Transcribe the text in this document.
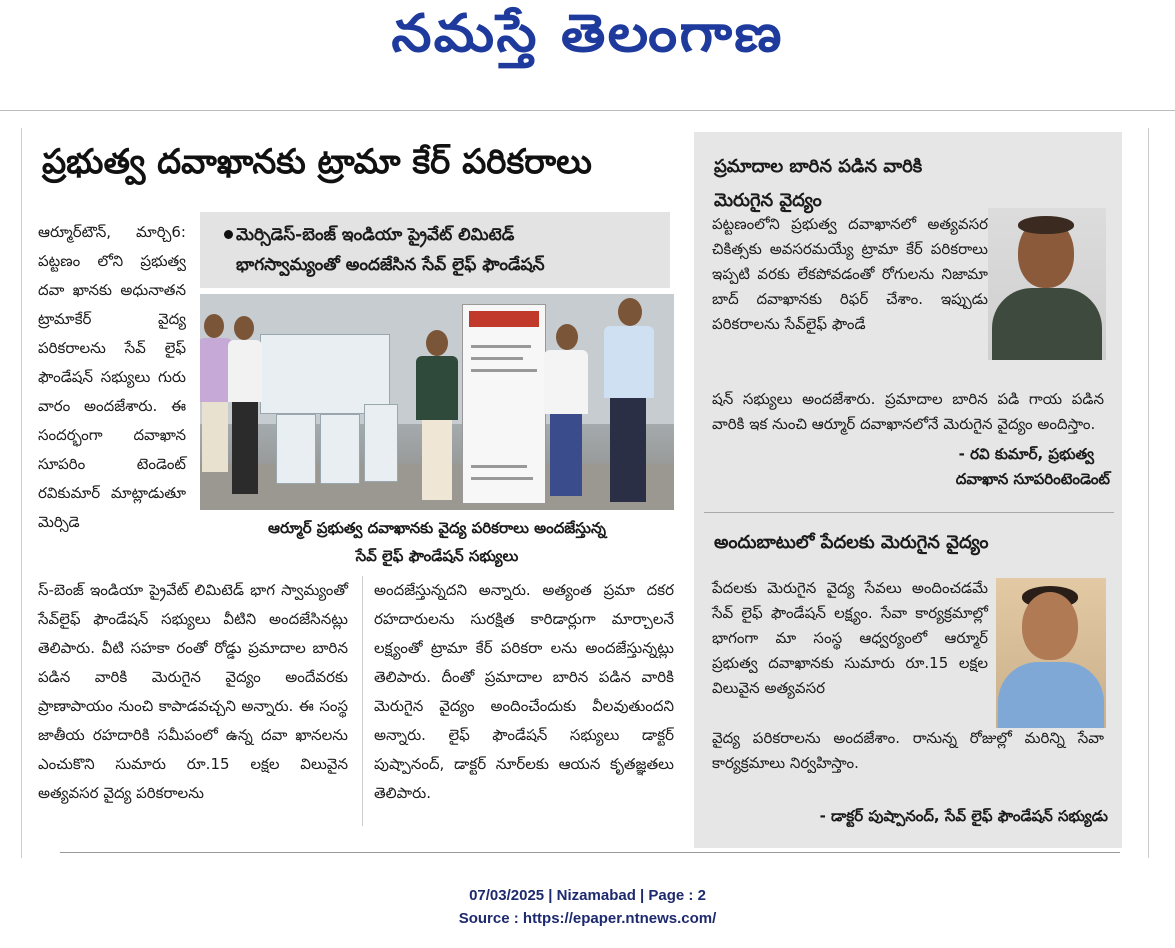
నమస్తే తెలంగాణ
ప్రభుత్వ దవాఖానకు ట్రామా కేర్ పరికరాలు
మెర్సిడెస్-బెంజ్ ఇండియా ప్రైవేట్ లిమిటెడ్
భాగస్వామ్యంతో అందజేసిన సేవ్ లైఫ్ ఫౌండేషన్

ఆర్మూర్‌టౌన్, మార్చి6: పట్టణం లోని ప్రభుత్వ దవా ఖానకు అధునాతన ట్రామాకేర్ వైద్య పరికరాలను సేవ్ లైఫ్ ఫౌండేషన్ సభ్యులు గురు వారం అందజేశారు. ఈ సందర్భంగా దవాఖాన సూపరిం టెండెంట్ రవికుమార్ మాట్లాడుతూ మెర్సిడె	ఆర్మూర్ ప్రభుత్వ దవాఖానకు వైద్య పరికరాలు అందజేస్తున్న
సేవ్ లైఫ్ ఫౌండేషన్ సభ్యులు
స్-బెంజ్ ఇండియా ప్రైవేట్ లిమిటెడ్ భాగ స్వామ్యంతో సేవ్‌లైఫ్ ఫౌండేషన్ సభ్యులు వీటిని అందజేసినట్లు తెలిపారు. వీటి సహకా రంతో రోడ్డు ప్రమాదాల బారిన పడిన వారికి మెరుగైన వైద్యం అందేవరకు ప్రాణాపాయం నుంచి కాపాడవచ్చని అన్నారు. ఈ సంస్థ జాతీయ రహదారికి సమీపంలో ఉన్న దవా ఖానలను ఎంచుకొని సుమారు రూ.15 లక్షల విలువైన అత్యవసర వైద్య పరికరాలను
అందజేస్తున్నదని అన్నారు. అత్యంత ప్రమా దకర రహదారులను సురక్షిత కారిడార్లుగా మార్చాలనే లక్ష్యంతో ట్రామా కేర్ పరికరా లను అందజేస్తున్నట్లు తెలిపారు. దీంతో ప్రమాదాల బారిన పడిన వారికి మెరుగైన వైద్యం అందించేందుకు వీలవుతుందని అన్నారు. లైఫ్ ఫౌండేషన్ సభ్యులు డాక్టర్ పుష్పానంద్, డాక్టర్ నూర్‌లకు ఆయన కృతజ్ఞతలు తెలిపారు.
ప్రమాదాల బారిన పడిన వారికి
మెరుగైన వైద్యం
పట్టణంలోని ప్రభుత్వ దవాఖానలో అత్యవసర చికిత్సకు అవసరమయ్యే ట్రామా కేర్ పరికరాలు ఇప్పటి వరకు లేకపోవడంతో రోగులను నిజామా బాద్ దవాఖానకు రిఫర్ చేశాం. ఇప్పుడు పరికరాలను సేవ్‌లైఫ్ ఫౌండే
షన్ సభ్యులు అందజేశారు. ప్రమాదాల బారిన పడి గాయ పడిన వారికి ఇక నుంచి ఆర్మూర్ దవాఖానలోనే మెరుగైన వైద్యం అందిస్తాం.
- రవి కుమార్, ప్రభుత్వ
దవాఖాన సూపరింటెండెంట్
అందుబాటులో పేదలకు మెరుగైన వైద్యం
పేదలకు మెరుగైన వైద్య సేవలు అందించడమే సేవ్ లైఫ్ ఫౌండేషన్ లక్ష్యం. సేవా కార్యక్రమాల్లో భాగంగా మా సంస్థ ఆధ్వర్యంలో ఆర్మూర్ ప్రభుత్వ దవాఖానకు సుమారు రూ.15 లక్షల విలువైన అత్యవసర
వైద్య పరికరాలను అందజేశాం. రానున్న రోజుల్లో మరిన్ని సేవా కార్యక్రమాలు నిర్వహిస్తాం.
- డాక్టర్ పుష్పానంద్, సేవ్ లైఫ్ ఫౌండేషన్ సభ్యుడు
07/03/2025 | Nizamabad | Page : 2
Source : https://epaper.ntnews.com/
